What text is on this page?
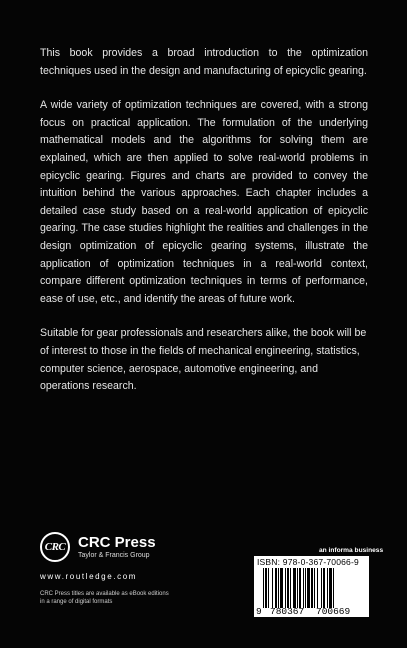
This book provides a broad introduction to the optimization techniques used in the design and manufacturing of epicyclic gearing.

A wide variety of optimization techniques are covered, with a strong focus on practical application. The formulation of the underlying mathematical models and the algorithms for solving them are explained, which are then applied to solve real-world problems in epicyclic gearing. Figures and charts are provided to convey the intuition behind the various approaches. Each chapter includes a detailed case study based on a real-world application of epicyclic gearing. The case studies highlight the realities and challenges in the design optimization of epicyclic gearing systems, illustrate the application of optimization techniques in a real-world context, compare different optimization techniques in terms of performance, ease of use, etc., and identify the areas of future work.

Suitable for gear professionals and researchers alike, the book will be of interest to those in the fields of mechanical engineering, statistics, computer science, aerospace, automotive engineering, and operations research.

CRC CRC Press
Taylor & Francis Group
www.routledge.com
CRC Press titles are available as eBook editions
in a range of digital formats
an informa business
ISBN: 978-0-367-70066-9
9 780367 700669
